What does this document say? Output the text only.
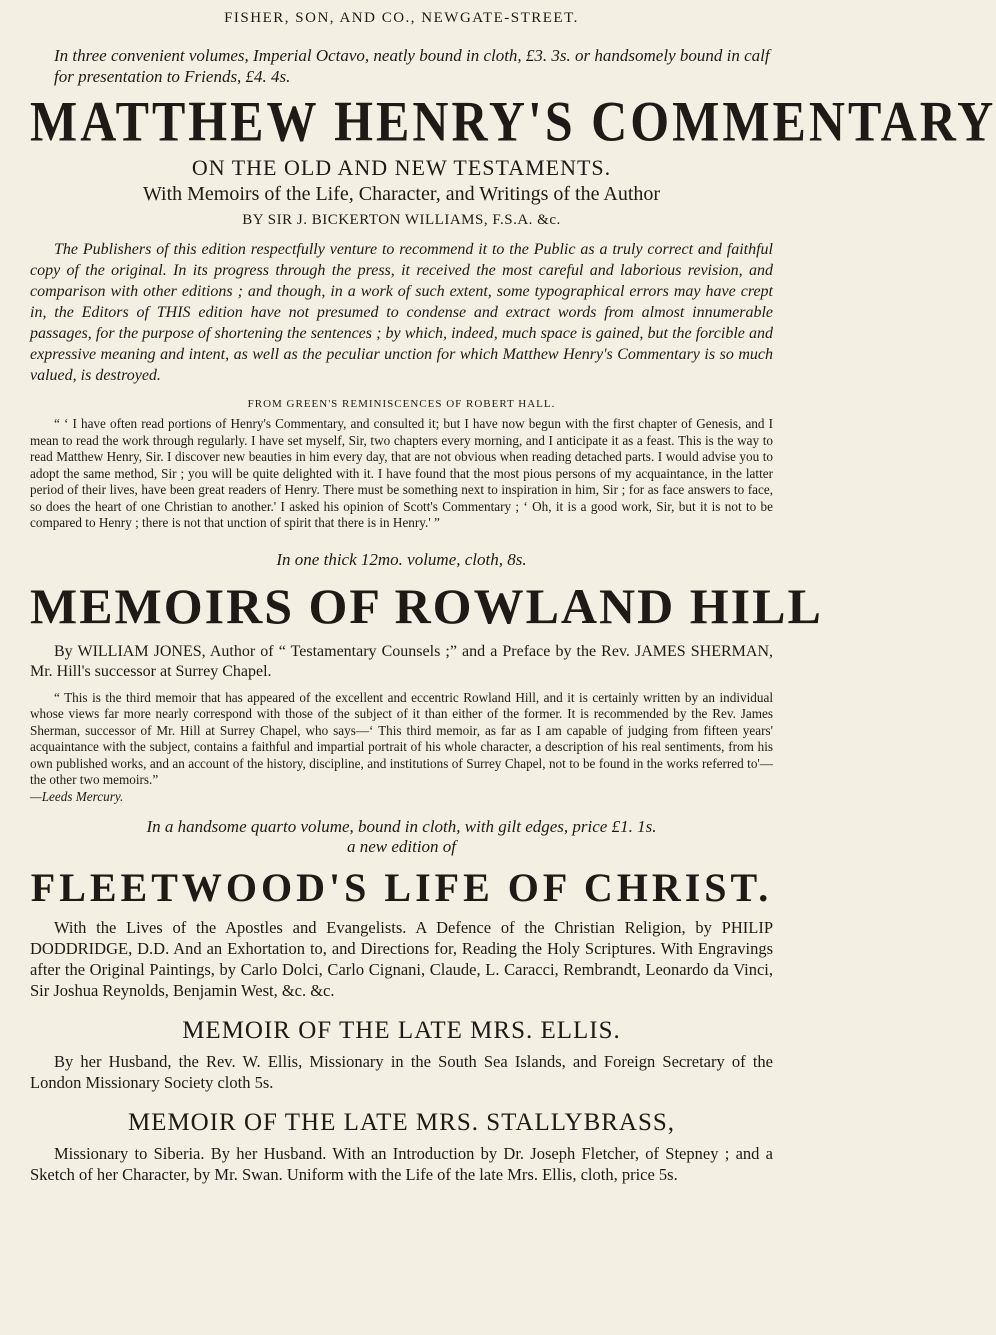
FISHER, SON, AND CO., NEWGATE-STREET.

In three convenient volumes, Imperial Octavo, neatly bound in cloth, £3. 3s. or handsomely bound in calf for presentation to Friends, £4. 4s.

MATTHEW HENRY'S COMMENTARY
ON THE OLD AND NEW TESTAMENTS.
With Memoirs of the Life, Character, and Writings of the Author
BY SIR J. BICKERTON WILLIAMS, F.S.A. &c.

The Publishers of this edition respectfully venture to recommend it to the Public as a truly correct and faithful copy of the original. In its progress through the press, it received the most careful and laborious revision, and comparison with other editions ; and though, in a work of such extent, some typographical errors may have crept in, the Editors of THIS edition have not presumed to condense and extract words from almost innumerable passages, for the purpose of shortening the sentences ; by which, indeed, much space is gained, but the forcible and expressive meaning and intent, as well as the peculiar unction for which Matthew Henry's Commentary is so much valued, is destroyed.

FROM GREEN'S REMINISCENCES OF ROBERT HALL.

“ ‘ I have often read portions of Henry's Commentary, and consulted it; but I have now begun with the first chapter of Genesis, and I mean to read the work through regularly. I have set myself, Sir, two chapters every morning, and I anticipate it as a feast. This is the way to read Matthew Henry, Sir. I discover new beauties in him every day, that are not obvious when reading detached parts. I would advise you to adopt the same method, Sir ; you will be quite delighted with it. I have found that the most pious persons of my acquaintance, in the latter period of their lives, have been great readers of Henry. There must be something next to inspiration in him, Sir ; for as face answers to face, so does the heart of one Christian to another.' I asked his opinion of Scott's Commentary ; ‘ Oh, it is a good work, Sir, but it is not to be compared to Henry ; there is not that unction of spirit that there is in Henry.' ”

In one thick 12mo. volume, cloth, 8s.
MEMOIRS OF ROWLAND HILL

By WILLIAM JONES, Author of “ Testamentary Counsels ;” and a Preface by the Rev. JAMES SHERMAN, Mr. Hill's successor at Surrey Chapel.

“ This is the third memoir that has appeared of the excellent and eccentric Rowland Hill, and it is certainly written by an individual whose views far more nearly correspond with those of the subject of it than either of the former. It is recommended by the Rev. James Sherman, successor of Mr. Hill at Surrey Chapel, who says—‘ This third memoir, as far as I am capable of judging from fifteen years' acquaintance with the subject, contains a faithful and impartial portrait of his whole character, a description of his real sentiments, from his own published works, and an account of the history, discipline, and institutions of Surrey Chapel, not to be found in the works referred to'—the other two memoirs.”
—Leeds Mercury.

In a handsome quarto volume, bound in cloth, with gilt edges, price £1. 1s.
a new edition of
FLEETWOOD'S LIFE OF CHRIST.

With the Lives of the Apostles and Evangelists. A Defence of the Christian Religion, by PHILIP DODDRIDGE, D.D. And an Exhortation to, and Directions for, Reading the Holy Scriptures. With Engravings after the Original Paintings, by Carlo Dolci, Carlo Cignani, Claude, L. Caracci, Rembrandt, Leonardo da Vinci, Sir Joshua Reynolds, Benjamin West, &c. &c.

MEMOIR OF THE LATE MRS. ELLIS.

By her Husband, the Rev. W. Ellis, Missionary in the South Sea Islands, and Foreign Secretary of the London Missionary Society cloth 5s.

MEMOIR OF THE LATE MRS. STALLYBRASS,

Missionary to Siberia. By her Husband. With an Introduction by Dr. Joseph Fletcher, of Stepney ; and a Sketch of her Character, by Mr. Swan. Uniform with the Life of the late Mrs. Ellis, cloth, price 5s.
